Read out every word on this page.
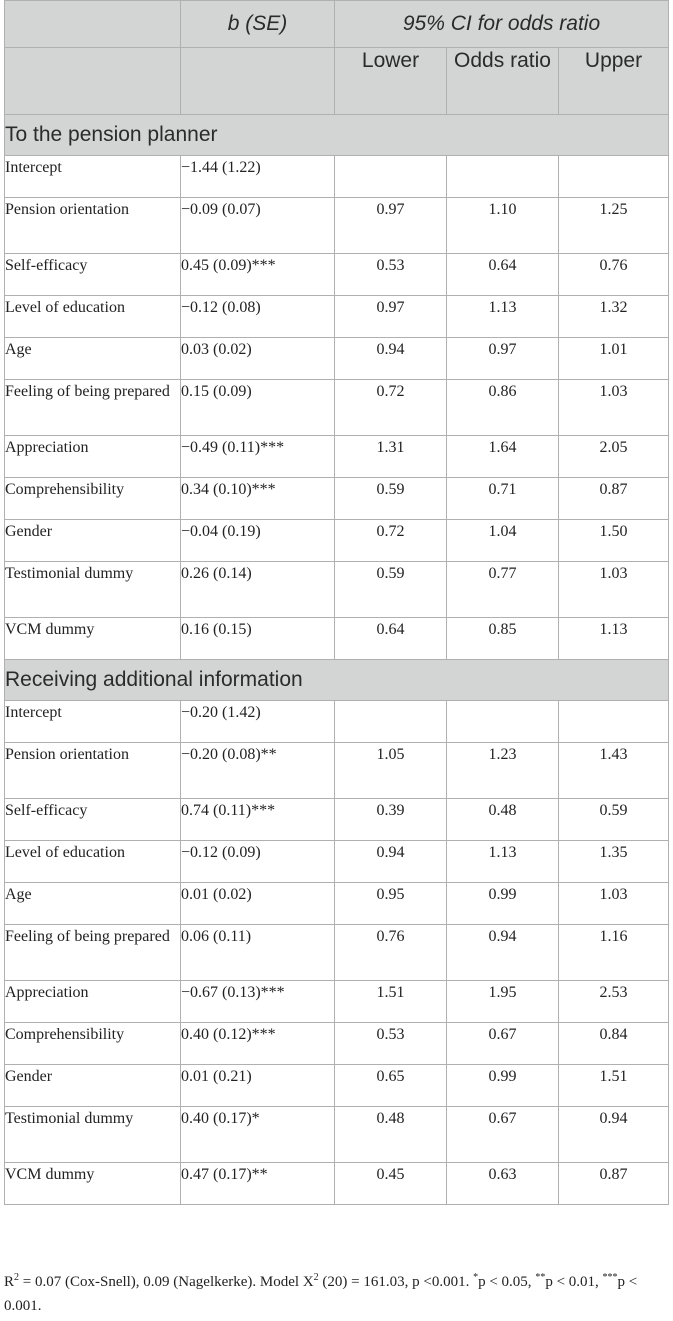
	b (SE)	95% CI for odds ratio		
		Lower	Odds ratio	Upper
To the pension planner				
Intercept	−1.44 (1.22)			
Pension orientation	−0.09 (0.07)	0.97	1.10	1.25
Self-efficacy	0.45 (0.09)***	0.53	0.64	0.76
Level of education	−0.12 (0.08)	0.97	1.13	1.32
Age	0.03 (0.02)	0.94	0.97	1.01
Feeling of being prepared	0.15 (0.09)	0.72	0.86	1.03
Appreciation	−0.49 (0.11)***	1.31	1.64	2.05
Comprehensibility	0.34 (0.10)***	0.59	0.71	0.87
Gender	−0.04 (0.19)	0.72	1.04	1.50
Testimonial dummy	0.26 (0.14)	0.59	0.77	1.03
VCM dummy	0.16 (0.15)	0.64	0.85	1.13
Receiving additional information				
Intercept	−0.20 (1.42)			
Pension orientation	−0.20 (0.08)**	1.05	1.23	1.43
Self-efficacy	0.74 (0.11)***	0.39	0.48	0.59
Level of education	−0.12 (0.09)	0.94	1.13	1.35
Age	0.01 (0.02)	0.95	0.99	1.03
Feeling of being prepared	0.06 (0.11)	0.76	0.94	1.16
Appreciation	−0.67 (0.13)***	1.51	1.95	2.53
Comprehensibility	0.40 (0.12)***	0.53	0.67	0.84
Gender	0.01 (0.21)	0.65	0.99	1.51
Testimonial dummy	0.40 (0.17)*	0.48	0.67	0.94
VCM dummy	0.47 (0.17)**	0.45	0.63	0.87
$R^2 = 0.07$ (Cox-Snell), 0.09 (Nagelkerke). Model $X^2$ (20) = 161.03, p <0.001. *p < 0.05, **p < 0.01, ***p < 0.001.
